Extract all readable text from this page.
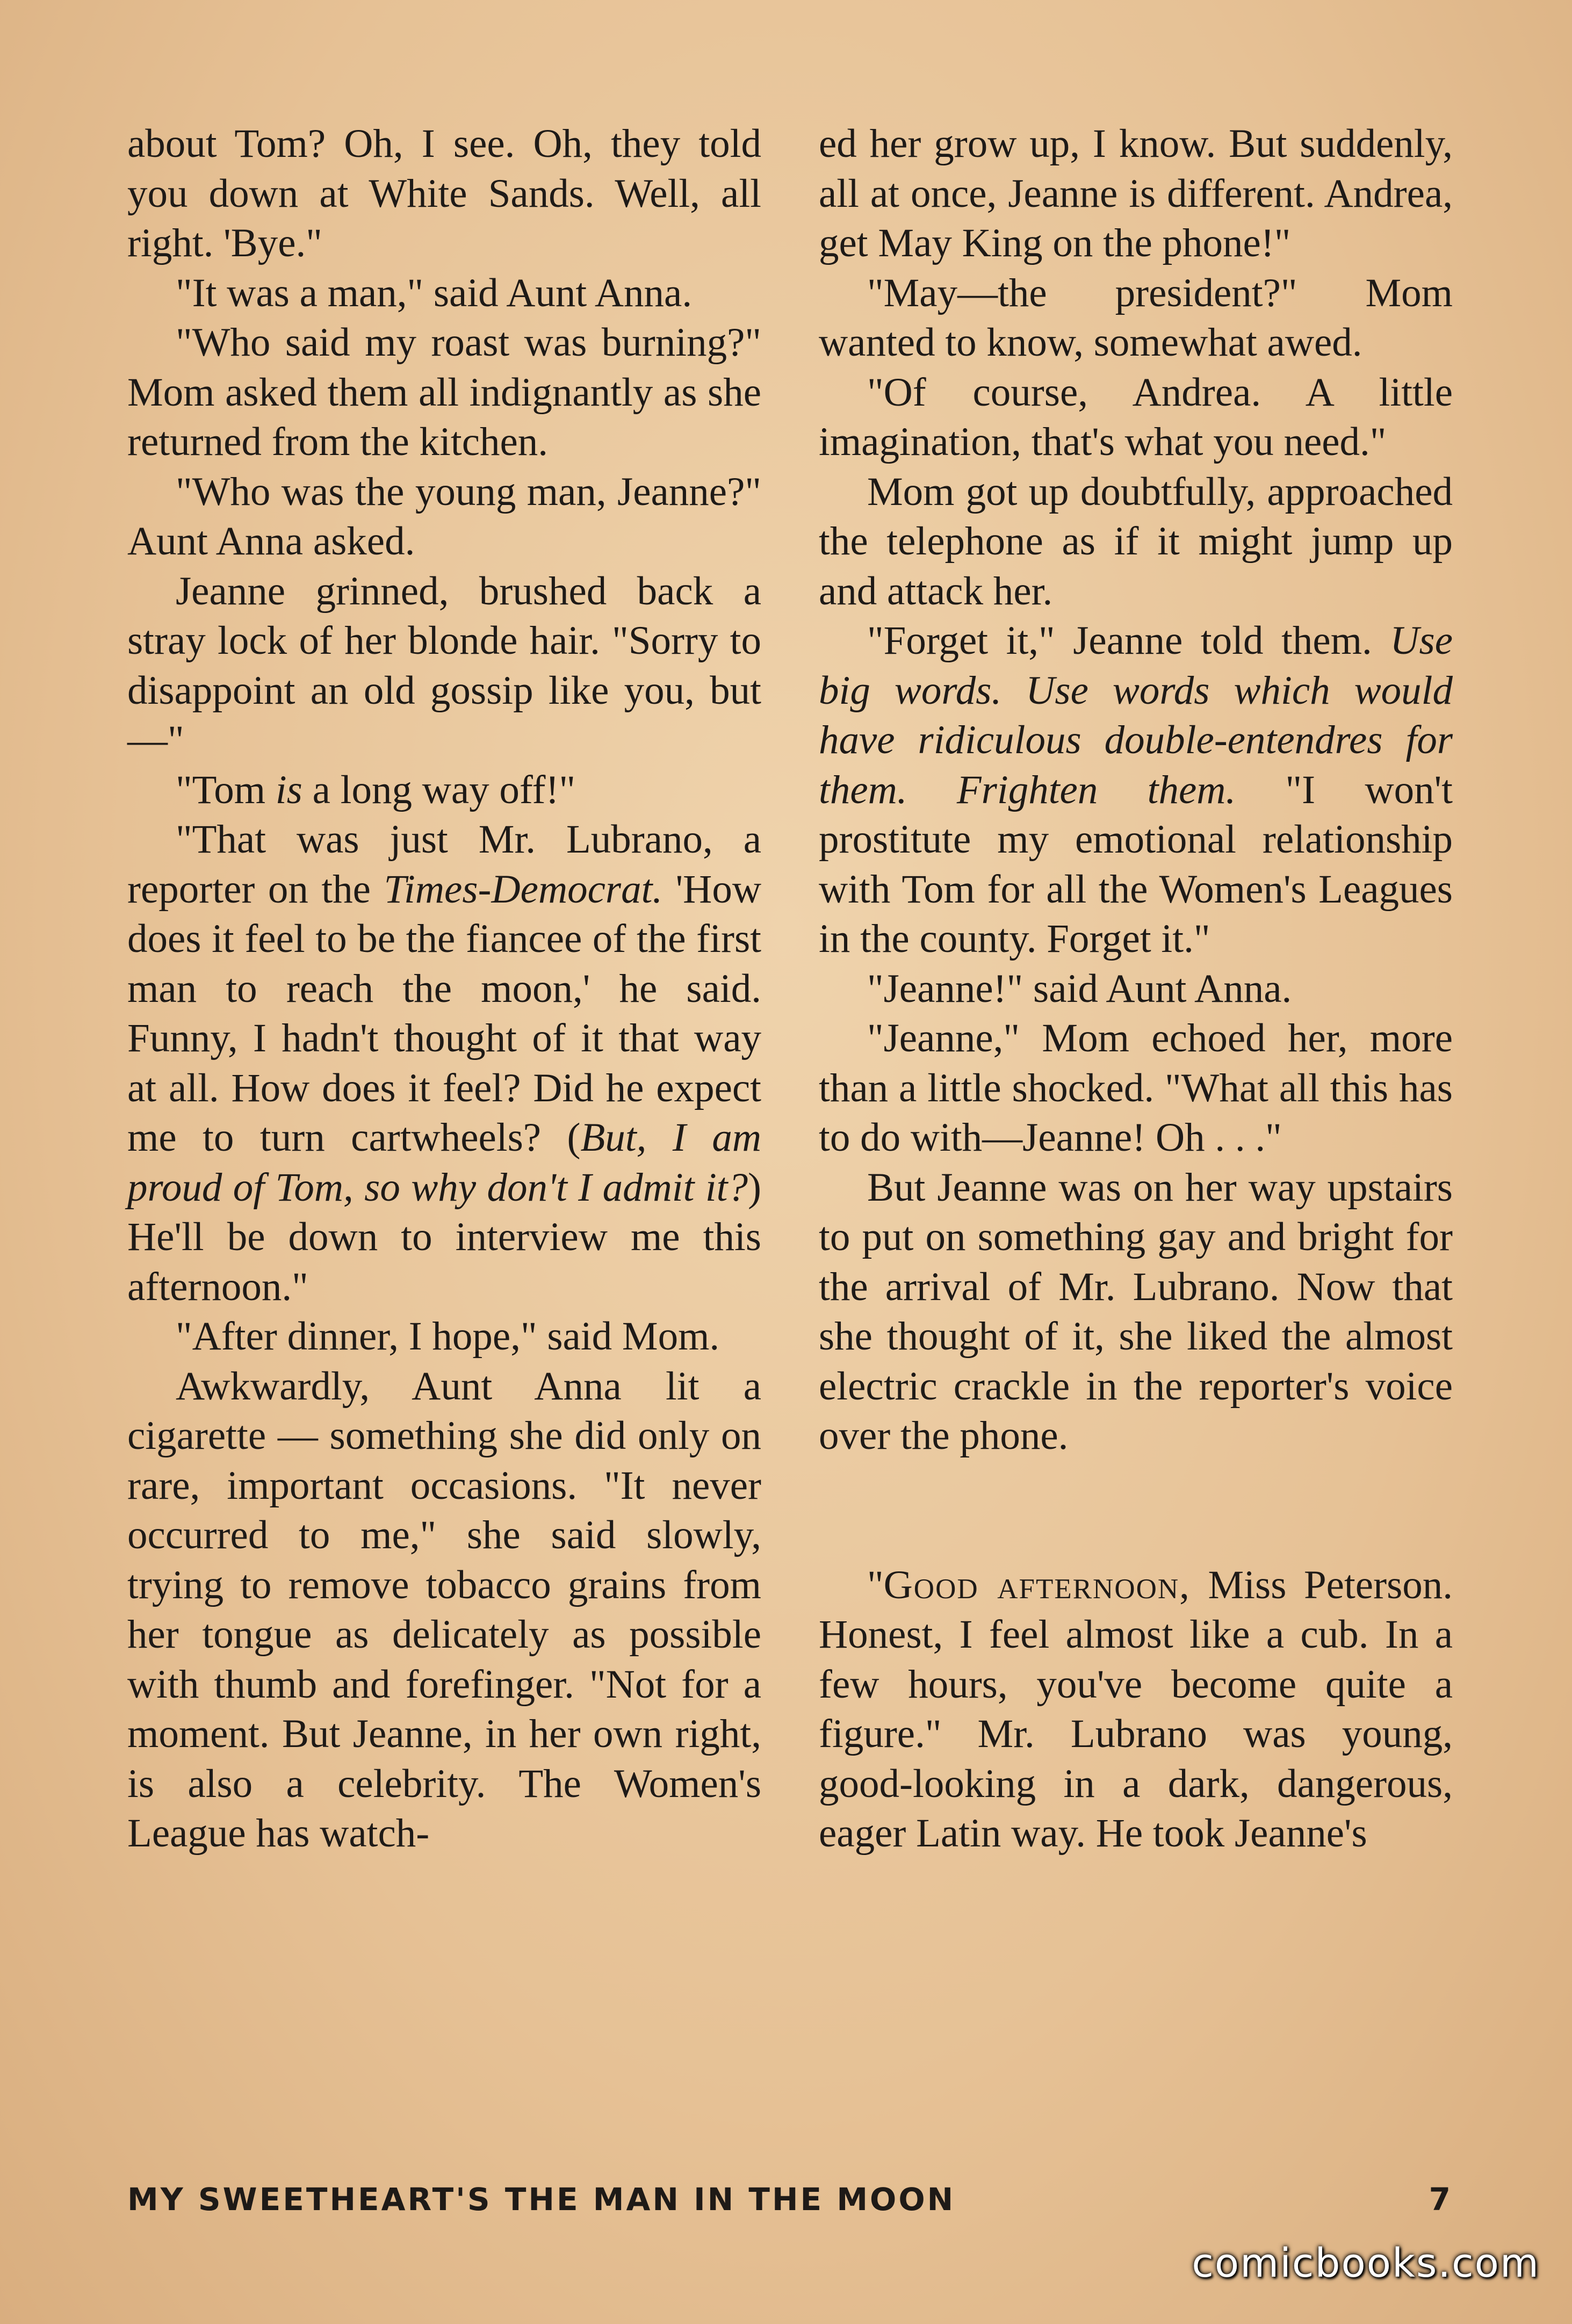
about Tom? Oh, I see. Oh, they told you down at White Sands. Well, all right. 'Bye."

"It was a man," said Aunt Anna.

"Who said my roast was burning?" Mom asked them all indignantly as she returned from the kitchen.

"Who was the young man, Jeanne?" Aunt Anna asked.

Jeanne grinned, brushed back a stray lock of her blonde hair. "Sorry to disappoint an old gossip like you, but—"

"Tom is a long way off!"

"That was just Mr. Lubrano, a reporter on the Times-Democrat. 'How does it feel to be the fiancee of the first man to reach the moon,' he said. Funny, I hadn't thought of it that way at all. How does it feel? Did he expect me to turn cartwheels? (But, I am proud of Tom, so why don't I admit it?) He'll be down to interview me this afternoon."

"After dinner, I hope," said Mom.

Awkwardly, Aunt Anna lit a cigarette — something she did only on rare, important occasions. "It never occurred to me," she said slowly, trying to remove tobacco grains from her tongue as delicately as possible with thumb and forefinger. "Not for a moment. But Jeanne, in her own right, is also a celebrity. The Women's League has watch-

ed her grow up, I know. But suddenly, all at once, Jeanne is different. Andrea, get May King on the phone!"

"May—the president?" Mom wanted to know, somewhat awed.

"Of course, Andrea. A little imagination, that's what you need."

Mom got up doubtfully, approached the telephone as if it might jump up and attack her.

"Forget it," Jeanne told them. Use big words. Use words which would have ridiculous double-entendres for them. Frighten them. "I won't prostitute my emotional relationship with Tom for all the Women's Leagues in the county. Forget it."

"Jeanne!" said Aunt Anna.

"Jeanne," Mom echoed her, more than a little shocked. "What all this has to do with—Jeanne! Oh . . ."

But Jeanne was on her way upstairs to put on something gay and bright for the arrival of Mr. Lubrano. Now that she thought of it, she liked the almost electric crackle in the reporter's voice over the phone.

"Good afternoon, Miss Peterson. Honest, I feel almost like a cub. In a few hours, you've become quite a figure." Mr. Lubrano was young, good-looking in a dark, dangerous, eager Latin way. He took Jeanne's

MY SWEETHEART'S THE MAN IN THE MOON	7
comicbooks.com
